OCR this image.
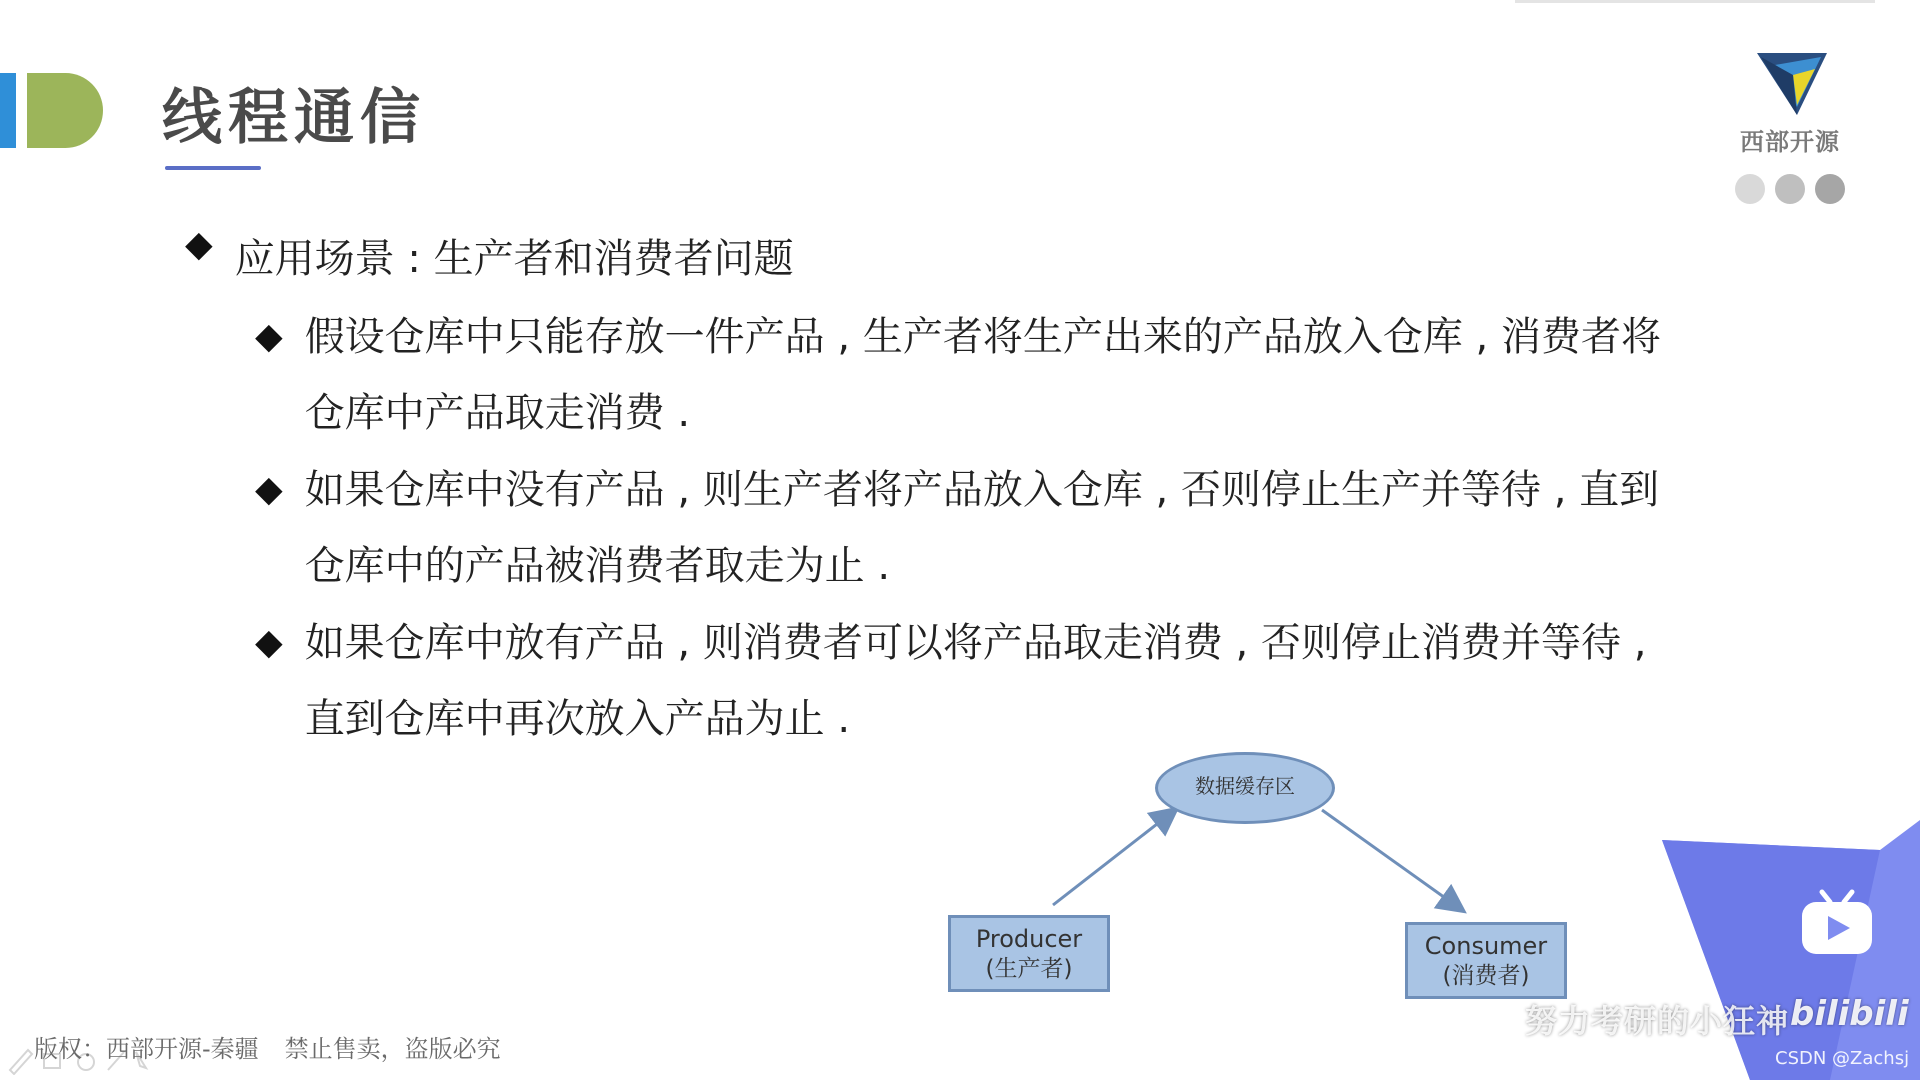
线程通信	西部开源
◆ 应用场景 : 生产者和消费者问题
◆ 假设仓库中只能存放一件产品 , 生产者将生产出来的产品放入仓库 , 消费者将仓库中产品取走消费 .
◆ 如果仓库中没有产品 , 则生产者将产品放入仓库 , 否则停止生产并等待 , 直到仓库中的产品被消费者取走为止 .
◆ 如果仓库中放有产品 , 则消费者可以将产品取走消费 , 否则停止消费并等待 , 直到仓库中再次放入产品为止 .
数据缓存区
Producer
(生产者)
Consumer
(消费者)
版权：西部开源-秦疆 禁止售卖，盗版必究
努力考研的小狂神 bilibili
CSDN @Zachsj
